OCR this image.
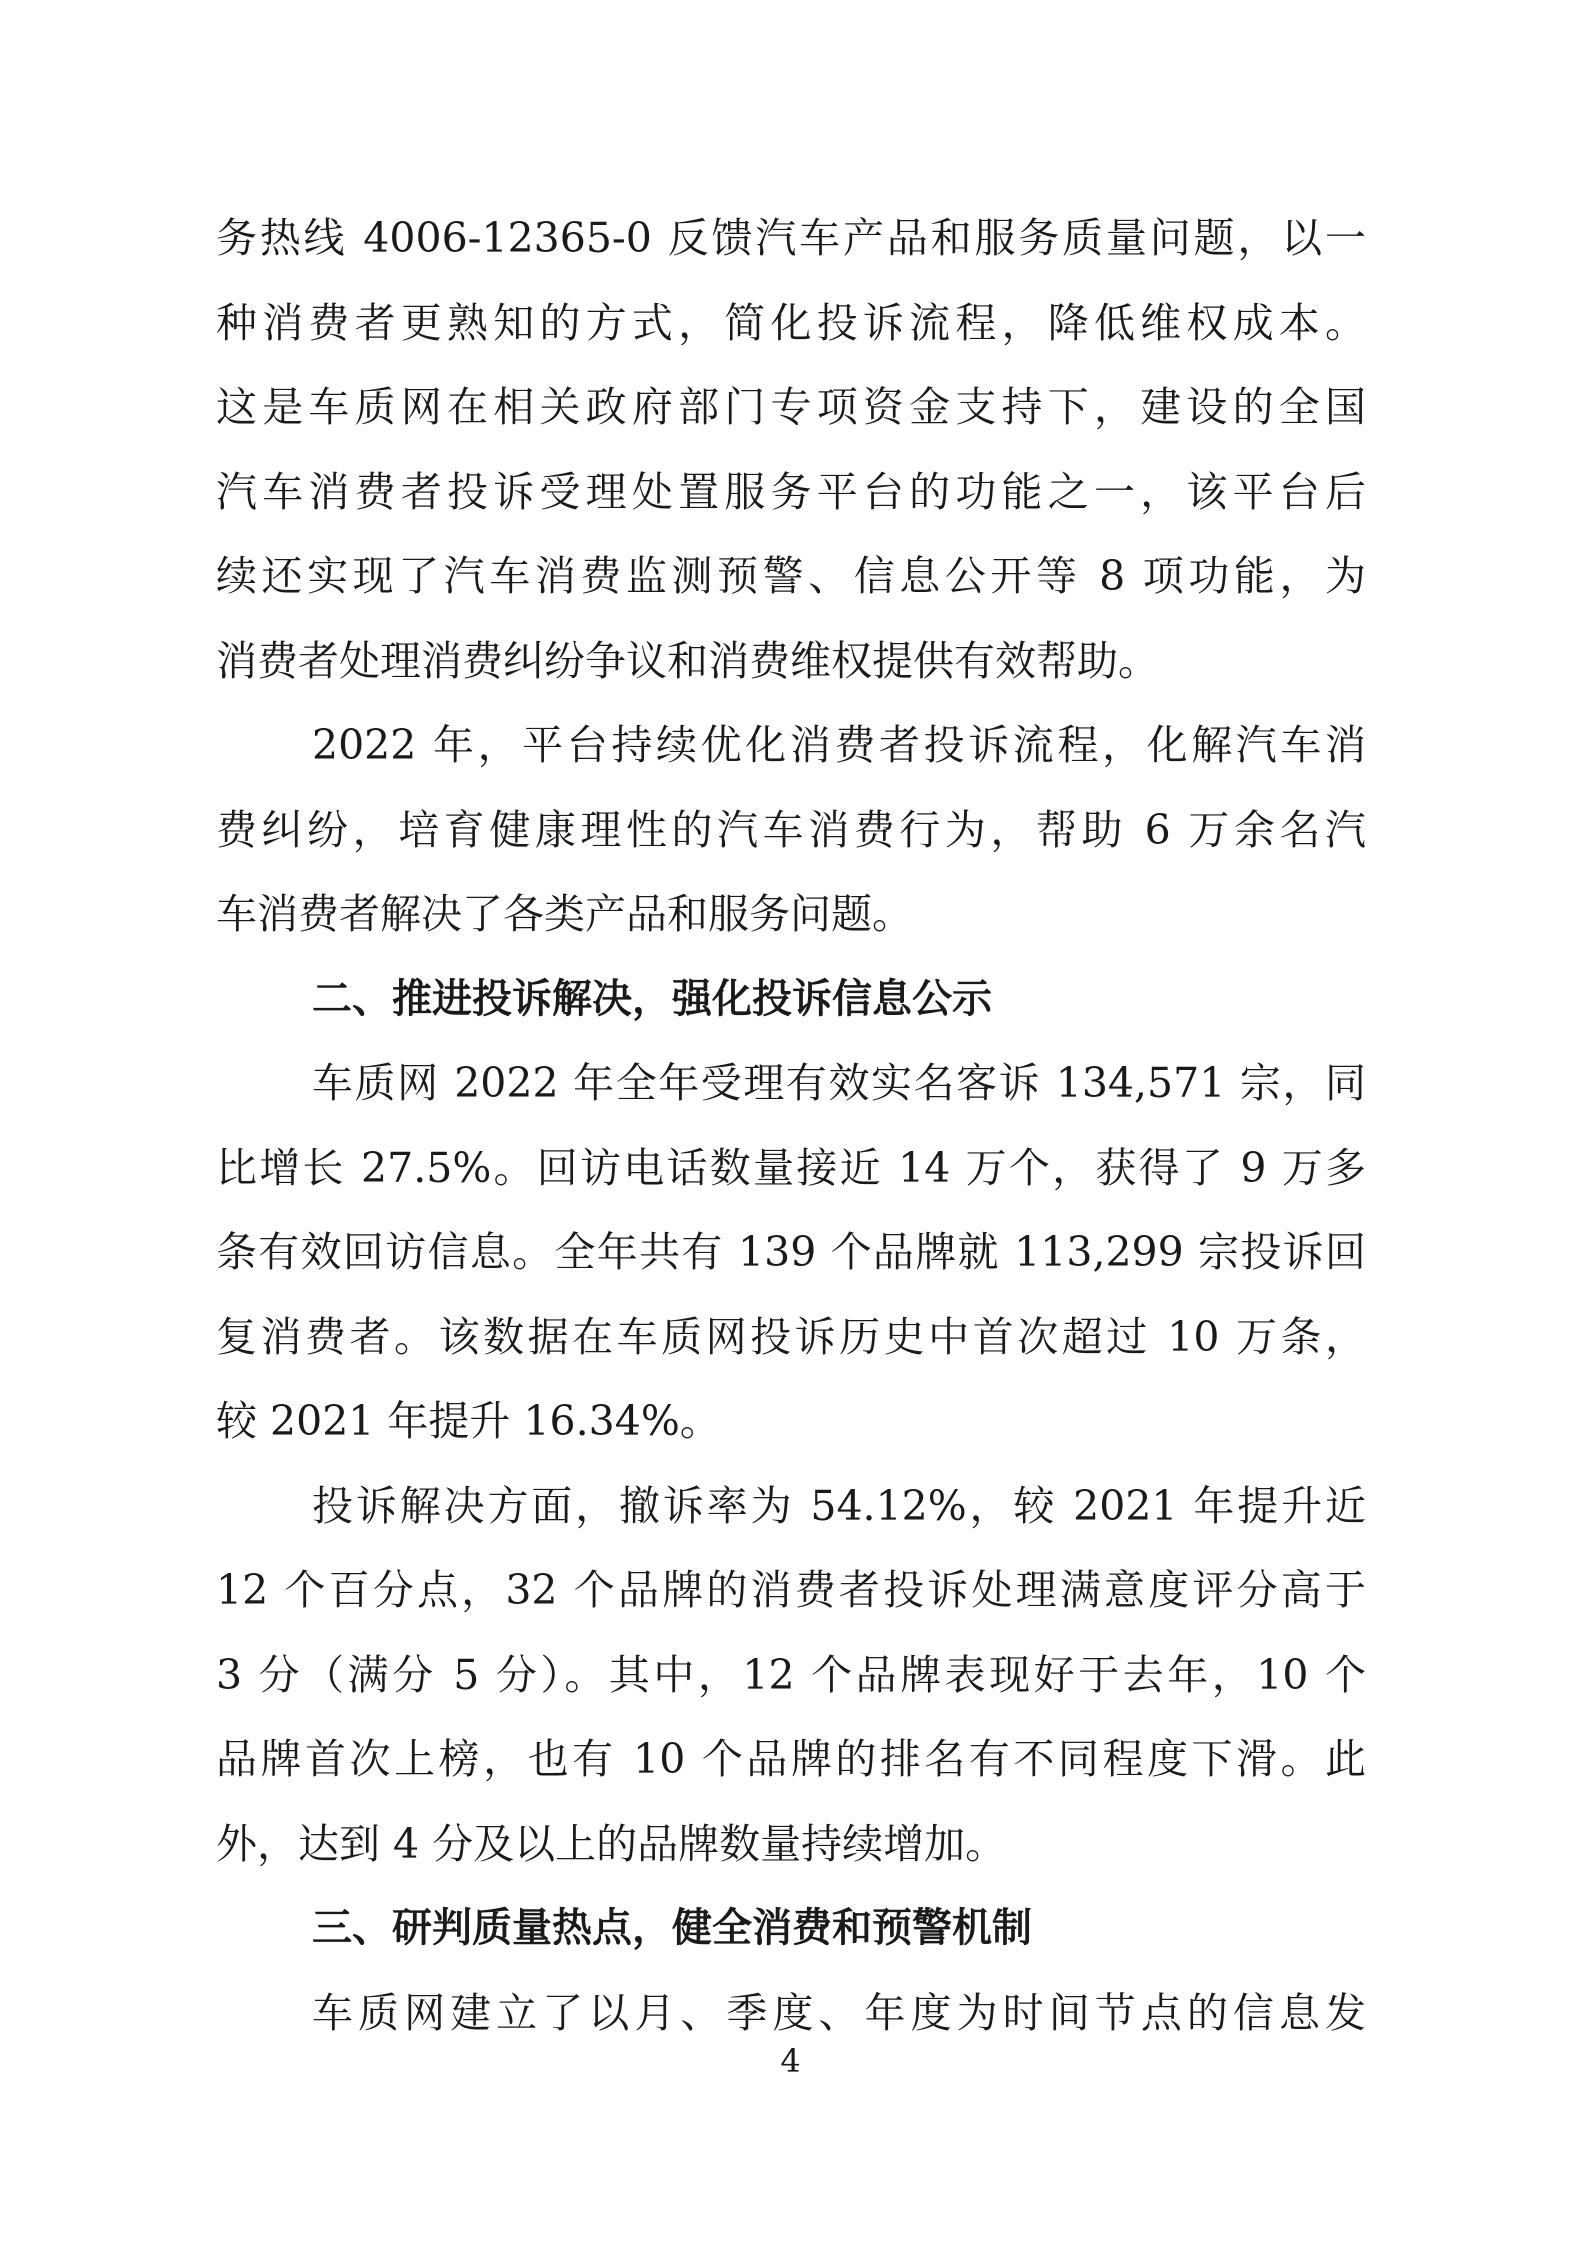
务热线 4006-12365-0 反馈汽车产品和服务质量问题，以一
种消费者更熟知的方式，简化投诉流程，降低维权成本。
这是车质网在相关政府部门专项资金支持下，建设的全国
汽车消费者投诉受理处置服务平台的功能之一，该平台后
续还实现了汽车消费监测预警、信息公开等 8 项功能，为
消费者处理消费纠纷争议和消费维权提供有效帮助。
2022 年，平台持续优化消费者投诉流程，化解汽车消
费纠纷，培育健康理性的汽车消费行为，帮助 6 万余名汽
车消费者解决了各类产品和服务问题。
二、推进投诉解决，强化投诉信息公示
车质网 2022 年全年受理有效实名客诉 134,571 宗，同
比增长 27.5%。回访电话数量接近 14 万个，获得了 9 万多
条有效回访信息。全年共有 139 个品牌就 113,299 宗投诉回
复消费者。该数据在车质网投诉历史中首次超过 10 万条，
较 2021 年提升 16.34%。
投诉解决方面，撤诉率为 54.12%，较 2021 年提升近
12 个百分点，32 个品牌的消费者投诉处理满意度评分高于
3 分（满分 5 分）。其中，12 个品牌表现好于去年，10 个
品牌首次上榜，也有 10 个品牌的排名有不同程度下滑。此
外，达到 4 分及以上的品牌数量持续增加。
三、研判质量热点，健全消费和预警机制
车质网建立了以月、季度、年度为时间节点的信息发
4
